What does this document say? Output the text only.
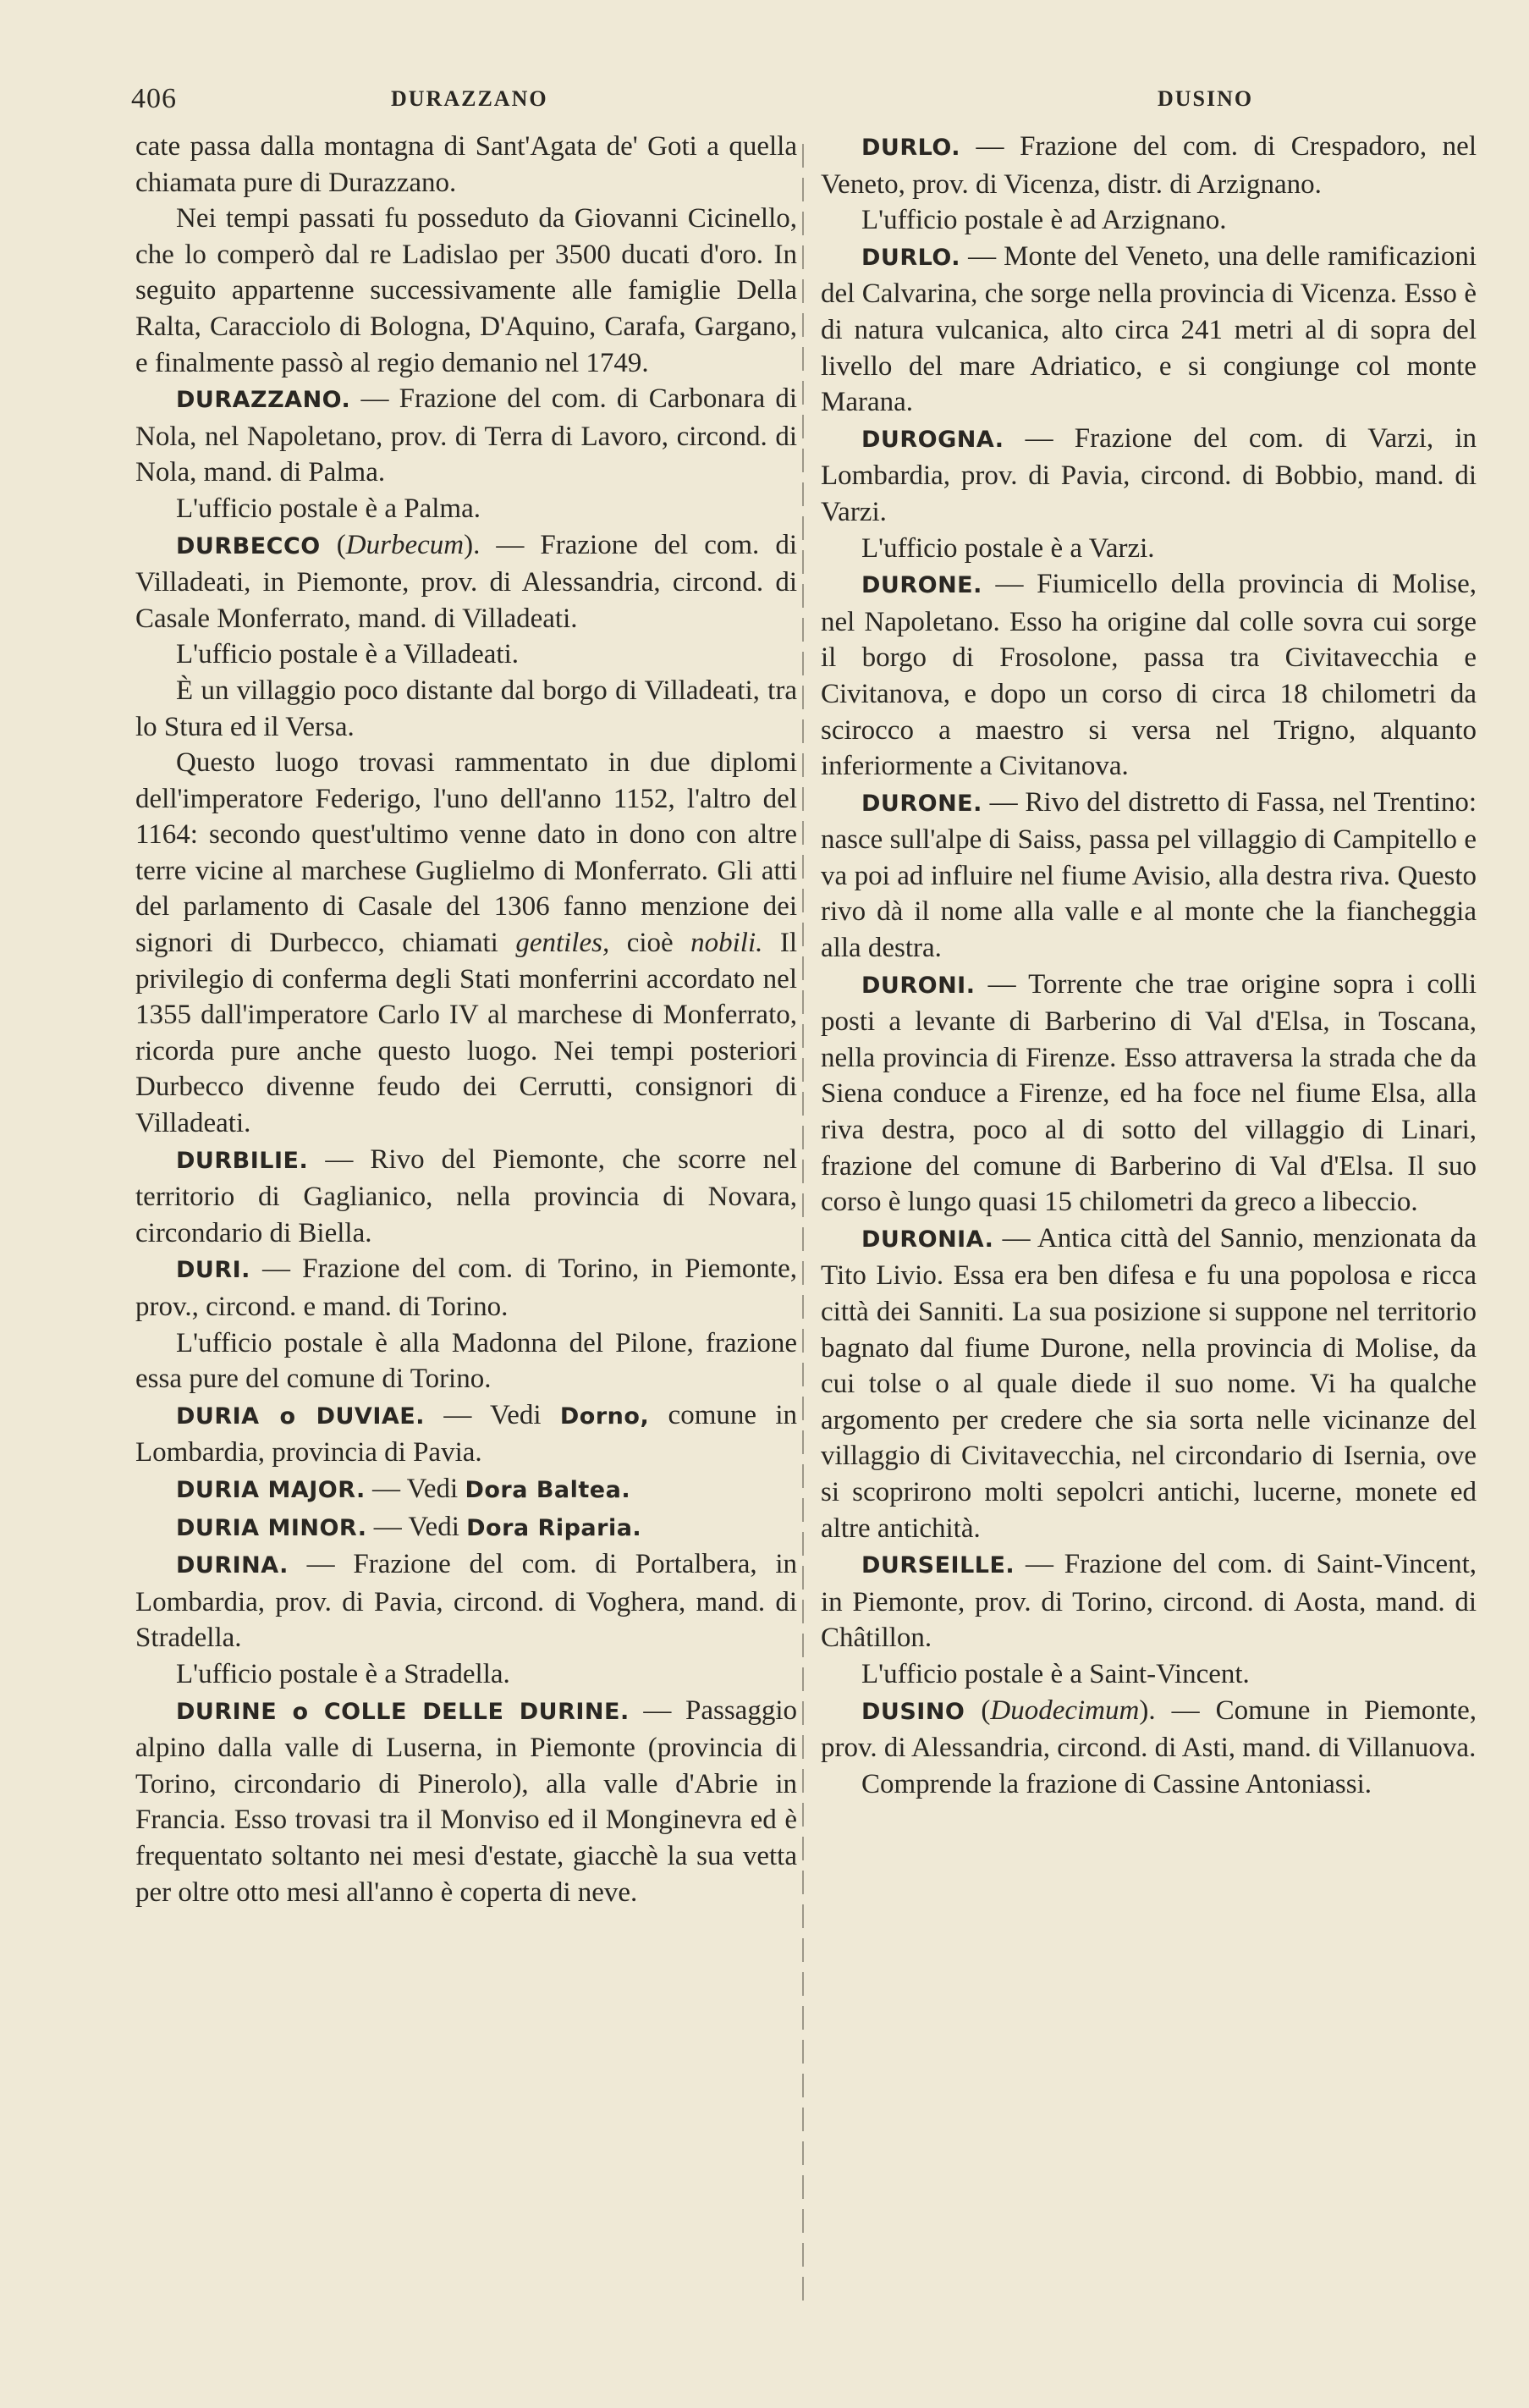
406	DURAZZANO	DUSINO

cate passa dalla montagna di Sant'Agata de' Goti a quella chiamata pure di Durazzano.

Nei tempi passati fu posseduto da Giovanni Cicinello, che lo comperò dal re Ladislao per 3500 ducati d'oro. In seguito appartenne successivamente alle famiglie Della Ralta, Caracciolo di Bologna, D'Aquino, Carafa, Gargano, e finalmente passò al regio demanio nel 1749.

DURAZZANO. — Frazione del com. di Carbonara di Nola, nel Napoletano, prov. di Terra di Lavoro, circond. di Nola, mand. di Palma.

L'ufficio postale è a Palma.

DURBECCO (Durbecum). — Frazione del com. di Villadeati, in Piemonte, prov. di Alessandria, circond. di Casale Monferrato, mand. di Villadeati.

L'ufficio postale è a Villadeati.

È un villaggio poco distante dal borgo di Villadeati, tra lo Stura ed il Versa.

Questo luogo trovasi rammentato in due diplomi dell'imperatore Federigo, l'uno dell'anno 1152, l'altro del 1164: secondo quest'ultimo venne dato in dono con altre terre vicine al marchese Guglielmo di Monferrato. Gli atti del parlamento di Casale del 1306 fanno menzione dei signori di Durbecco, chiamati gentiles, cioè nobili. Il privilegio di conferma degli Stati monferrini accordato nel 1355 dall'imperatore Carlo IV al marchese di Monferrato, ricorda pure anche questo luogo. Nei tempi posteriori Durbecco divenne feudo dei Cerrutti, consignori di Villadeati.

DURBILIE. — Rivo del Piemonte, che scorre nel territorio di Gaglianico, nella provincia di Novara, circondario di Biella.

DURI. — Frazione del com. di Torino, in Piemonte, prov., circond. e mand. di Torino.

L'ufficio postale è alla Madonna del Pilone, frazione essa pure del comune di Torino.

DURIA o DUVIAE. — Vedi Dorno, comune in Lombardia, provincia di Pavia.

DURIA MAJOR. — Vedi Dora Baltea.

DURIA MINOR. — Vedi Dora Riparia.

DURINA. — Frazione del com. di Portalbera, in Lombardia, prov. di Pavia, circond. di Voghera, mand. di Stradella.

L'ufficio postale è a Stradella.

DURINE o COLLE DELLE DURINE. — Passaggio alpino dalla valle di Luserna, in Piemonte (provincia di Torino, circondario di Pinerolo), alla valle d'Abrie in Francia. Esso trovasi tra il Monviso ed il Monginevra ed è frequentato soltanto nei mesi d'estate, giacchè la sua vetta per oltre otto mesi all'anno è coperta di neve.

DURLO. — Frazione del com. di Crespadoro, nel Veneto, prov. di Vicenza, distr. di Arzignano.

L'ufficio postale è ad Arzignano.

DURLO. — Monte del Veneto, una delle ramificazioni del Calvarina, che sorge nella provincia di Vicenza. Esso è di natura vulcanica, alto circa 241 metri al di sopra del livello del mare Adriatico, e si congiunge col monte Marana.

DUROGNA. — Frazione del com. di Varzi, in Lombardia, prov. di Pavia, circond. di Bobbio, mand. di Varzi.

L'ufficio postale è a Varzi.

DURONE. — Fiumicello della provincia di Molise, nel Napoletano. Esso ha origine dal colle sovra cui sorge il borgo di Frosolone, passa tra Civitavecchia e Civitanova, e dopo un corso di circa 18 chilometri da scirocco a maestro si versa nel Trigno, alquanto inferiormente a Civitanova.

DURONE. — Rivo del distretto di Fassa, nel Trentino: nasce sull'alpe di Saiss, passa pel villaggio di Campitello e va poi ad influire nel fiume Avisio, alla destra riva. Questo rivo dà il nome alla valle e al monte che la fiancheggia alla destra.

DURONI. — Torrente che trae origine sopra i colli posti a levante di Barberino di Val d'Elsa, in Toscana, nella provincia di Firenze. Esso attraversa la strada che da Siena conduce a Firenze, ed ha foce nel fiume Elsa, alla riva destra, poco al di sotto del villaggio di Linari, frazione del comune di Barberino di Val d'Elsa. Il suo corso è lungo quasi 15 chilometri da greco a libeccio.

DURONIA. — Antica città del Sannio, menzionata da Tito Livio. Essa era ben difesa e fu una popolosa e ricca città dei Sanniti. La sua posizione si suppone nel territorio bagnato dal fiume Durone, nella provincia di Molise, da cui tolse o al quale diede il suo nome. Vi ha qualche argomento per credere che sia sorta nelle vicinanze del villaggio di Civitavecchia, nel circondario di Isernia, ove si scoprirono molti sepolcri antichi, lucerne, monete ed altre antichità.

DURSEILLE. — Frazione del com. di Saint-Vincent, in Piemonte, prov. di Torino, circond. di Aosta, mand. di Châtillon.

L'ufficio postale è a Saint-Vincent.

DUSINO (Duodecimum). — Comune in Piemonte, prov. di Alessandria, circond. di Asti, mand. di Villanuova.

Comprende la frazione di Cassine Antoniassi.
